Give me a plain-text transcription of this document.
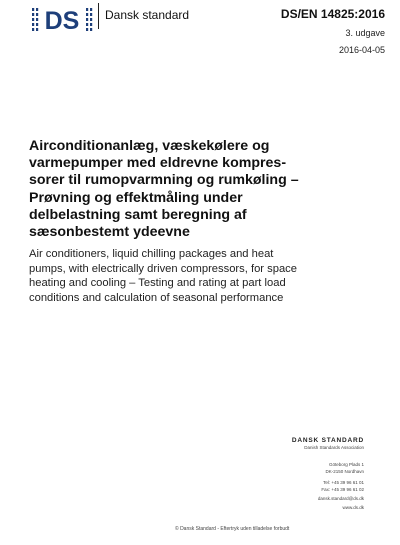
DS Dansk standard	DS/EN 14825:2016
3. udgave
2016-04-05
Airconditionanlæg, væskekølere og
varmepumper med eldrevne kompres-
sorer til rumopvarmning og rumkøling –
Prøvning og effektmåling under
delbelastning samt beregning af
sæsonbestemt ydeevne

Air conditioners, liquid chilling packages and heat
pumps, with electrically driven compressors, for space
heating and cooling – Testing and rating at part load
conditions and calculation of seasonal performance

DANSK STANDARD
Danish Standards Association
Göteborg Plads 1
DK-2150 Nordhavn
Tel: +45 39 96 61 01
Fax: +45 39 96 61 02
dansk.standard@ds.dk
www.ds.dk
© Dansk Standard - Eftertryk uden tilladelse forbudt
